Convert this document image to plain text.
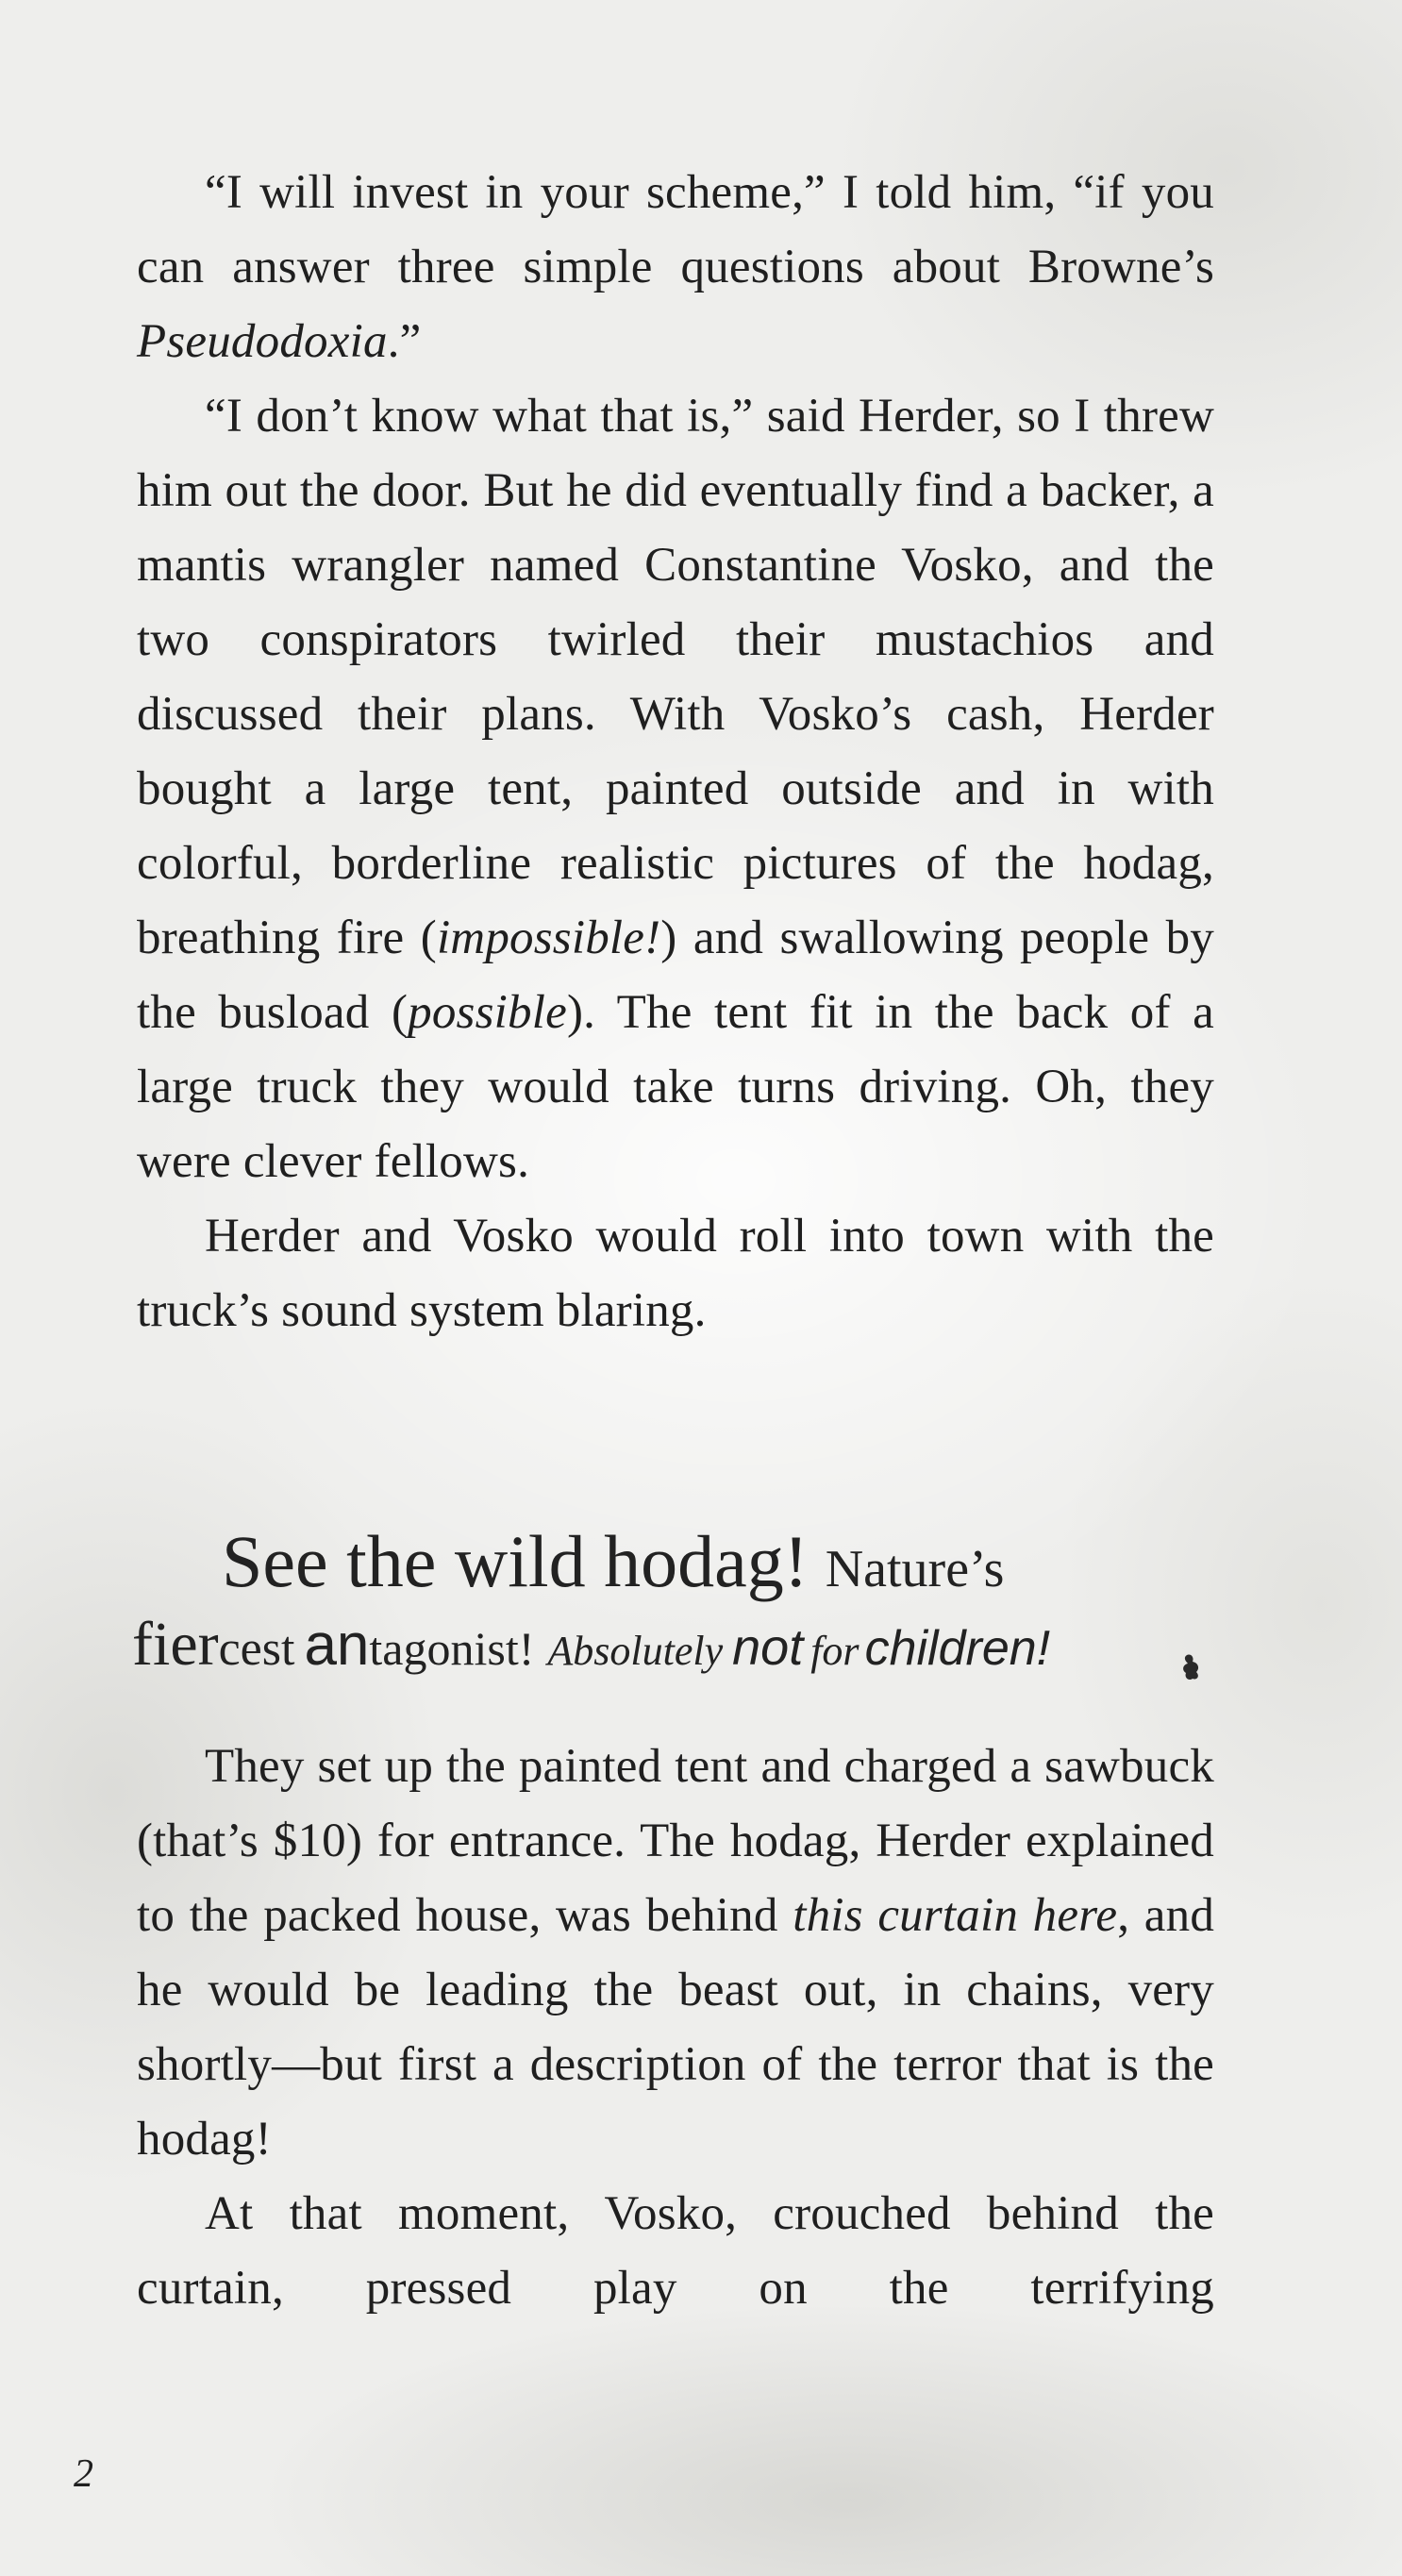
“I will invest in your scheme,” I told him, “if you can answer three simple questions about Browne’s Pseudodoxia.”

“I don’t know what that is,” said Herder, so I threw him out the door. But he did eventually find a backer, a mantis wrangler named Constantine Vosko, and the two conspirators twirled their mustachios and discussed their plans. With Vosko’s cash, Herder bought a large tent, painted outside and in with colorful, borderline realistic pictures of the hodag, breathing fire (impossible!) and swallowing people by the busload (possible). The tent fit in the back of a large truck they would take turns driving. Oh, they were clever fellows.

Herder and Vosko would roll into town with the truck’s sound system blaring.

See the wild hodag! Nature’s
fiercest antagonist! Absolutely not for children!

They set up the painted tent and charged a sawbuck (that’s $10) for entrance. The hodag, Herder explained to the packed house, was behind this curtain here, and he would be leading the beast out, in chains, very shortly—but first a description of the terror that is the hodag!

At that moment, Vosko, crouched behind the curtain, pressed play on the terrifying

2
